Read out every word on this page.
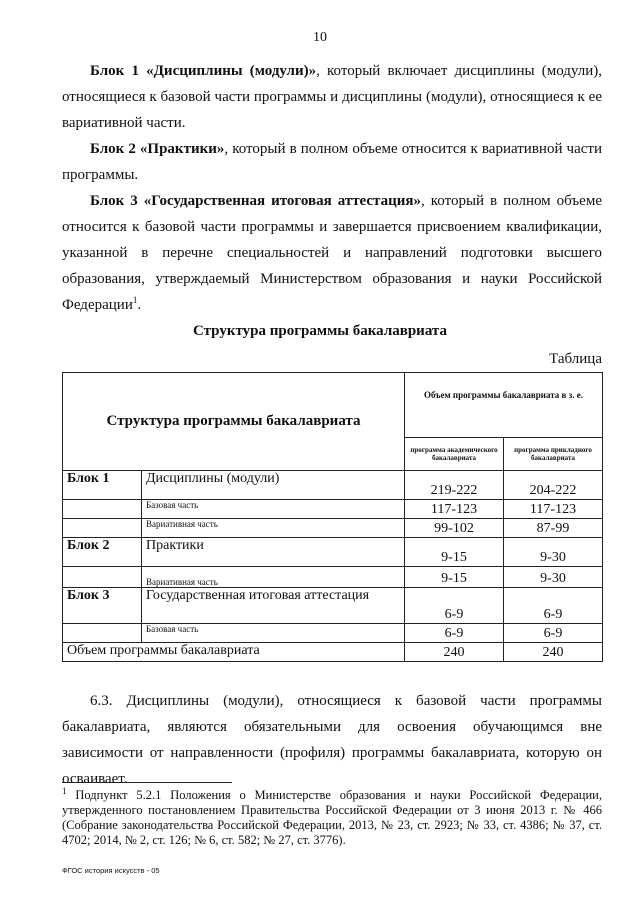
10

Блок 1 «Дисциплины (модули)», который включает дисциплины (модули), относящиеся к базовой части программы и дисциплины (модули), относящиеся к ее вариативной части.

Блок 2 «Практики», который в полном объеме относится к вариативной части программы.

Блок 3 «Государственная итоговая аттестация», который в полном объеме относится к базовой части программы и завершается присвоением квалификации, указанной в перечне специальностей и направлений подготовки высшего образования, утверждаемый Министерством образования и науки Российской Федерации$^1$.

Структура программы бакалавриата
Таблица
Структура программы бакалавриата		Объем программы бакалавриата в з. е.	
		программа академического бакалавриата	программа прикладного бакалавриата
Блок 1	Дисциплины (модули)	219-222	204-222
	Базовая часть	117-123	117-123
	Вариативная часть	99-102	87-99
Блок 2	Практики	9-15	9-30
	Вариативная часть	9-15	9-30
Блок 3	Государственная итоговая аттестация	6-9	6-9
	Базовая часть	6-9	6-9
Объем программы бакалавриата		240	240

6.3. Дисциплины (модули), относящиеся к базовой части программы бакалавриата, являются обязательными для освоения обучающимся вне зависимости от направленности (профиля) программы бакалавриата, которую он осваивает.

$^1$ Подпункт 5.2.1 Положения о Министерстве образования и науки Российской Федерации, утвержденного постановлением Правительства Российской Федерации от 3 июня 2013 г. № 466 (Собрание законодательства Российской Федерации, 2013, № 23, ст. 2923; № 33, ст. 4386; № 37, ст. 4702; 2014, № 2, ст. 126; № 6, ст. 582; № 27, ст. 3776).
ФГОС история искусств - 05
